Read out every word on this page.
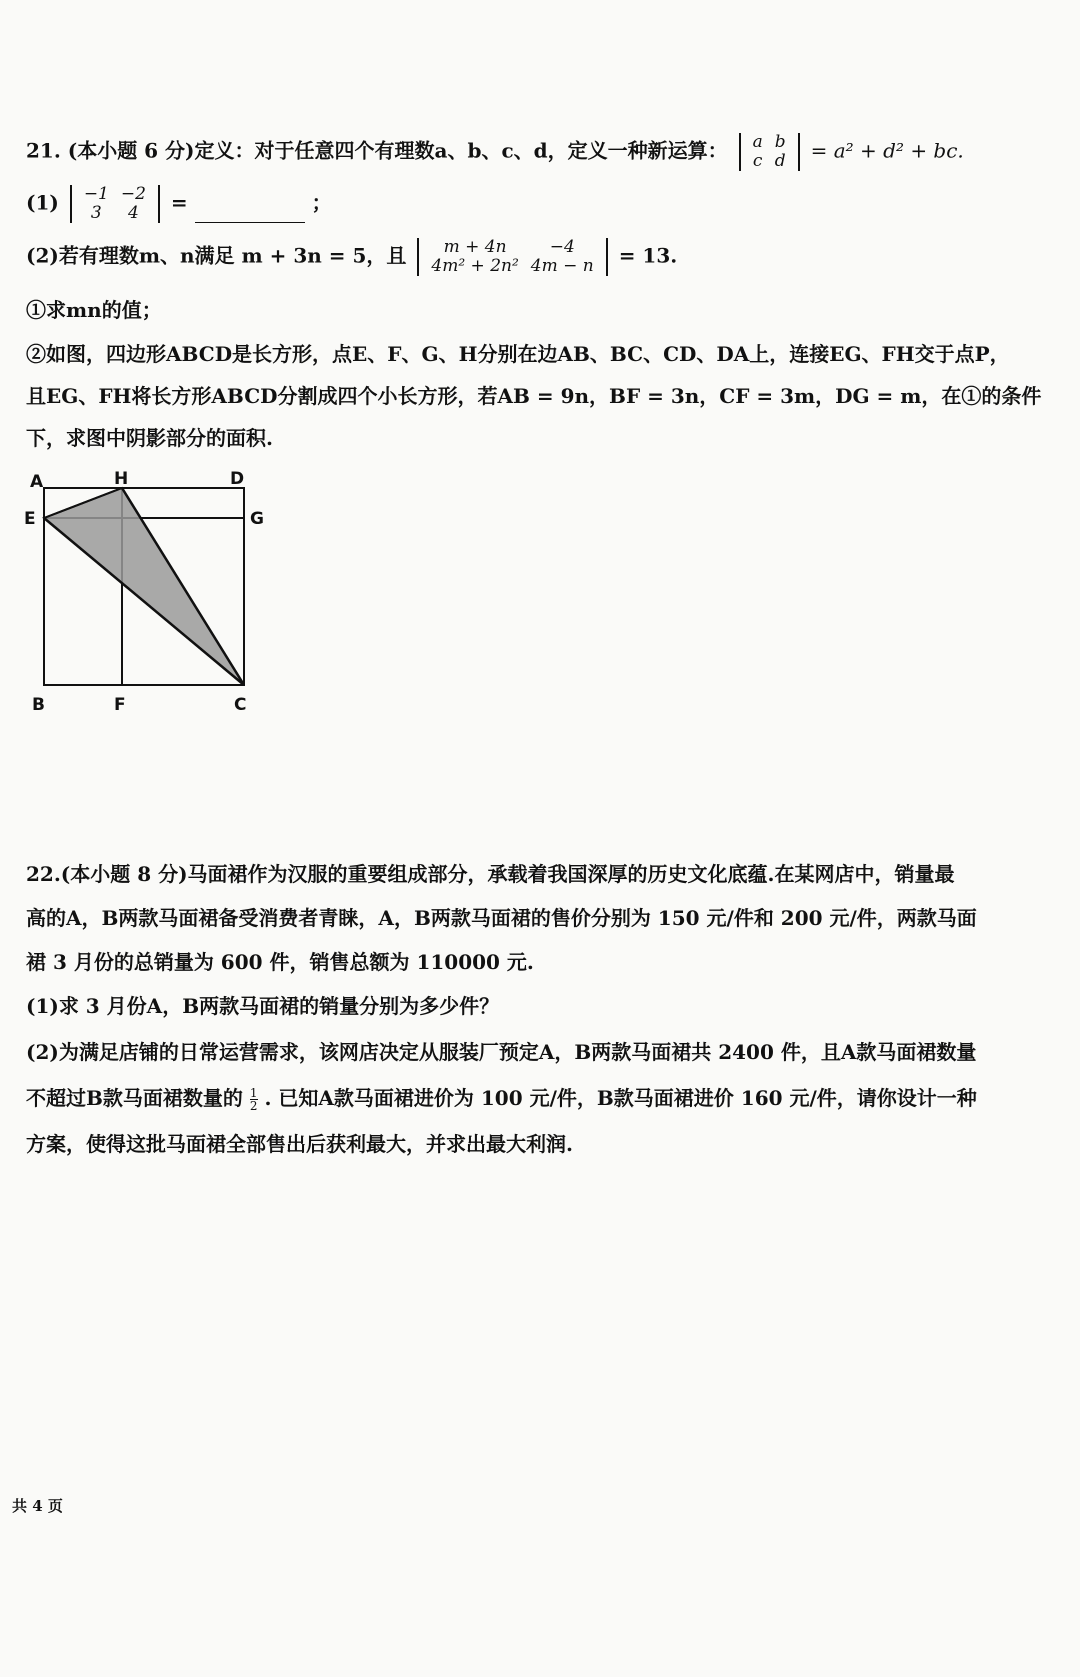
21. (本小题 6 分)定义：对于任意四个有理数a、b、c、d，定义一种新运算： a	b
c	d = a² + d² + bc.
(1) −1	−2
3	4 =	；
(2)若有理数m、n满足 m + 3n = 5，且 m + 4n	−4
4m² + 2n²	4m − n = 13.
①求mn的值；
②如图，四边形ABCD是长方形，点E、F、G、H分别在边AB、BC、CD、DA上，连接EG、FH交于点P，
且EG、FH将长方形ABCD分割成四个小长方形，若AB = 9n，BF = 3n，CF = 3m，DG = m，在①的条件
下，求图中阴影部分的面积.
A	H	D
E	G
B	F	C
22.(本小题 8 分)马面裙作为汉服的重要组成部分，承载着我国深厚的历史文化底蕴.在某网店中，销量最
高的A，B两款马面裙备受消费者青睐，A，B两款马面裙的售价分别为 150 元/件和 200 元/件，两款马面
裙 3 月份的总销量为 600 件，销售总额为 110000 元.
(1)求 3 月份A，B两款马面裙的销量分别为多少件？
(2)为满足店铺的日常运营需求，该网店决定从服装厂预定A，B两款马面裙共 2400 件，且A款马面裙数量
不超过B款马面裙数量的 $\frac{1}{2}$ . 已知A款马面裙进价为 100 元/件，B款马面裙进价 160 元/件，请你设计一种
方案，使得这批马面裙全部售出后获利最大，并求出最大利润.
共 4 页
